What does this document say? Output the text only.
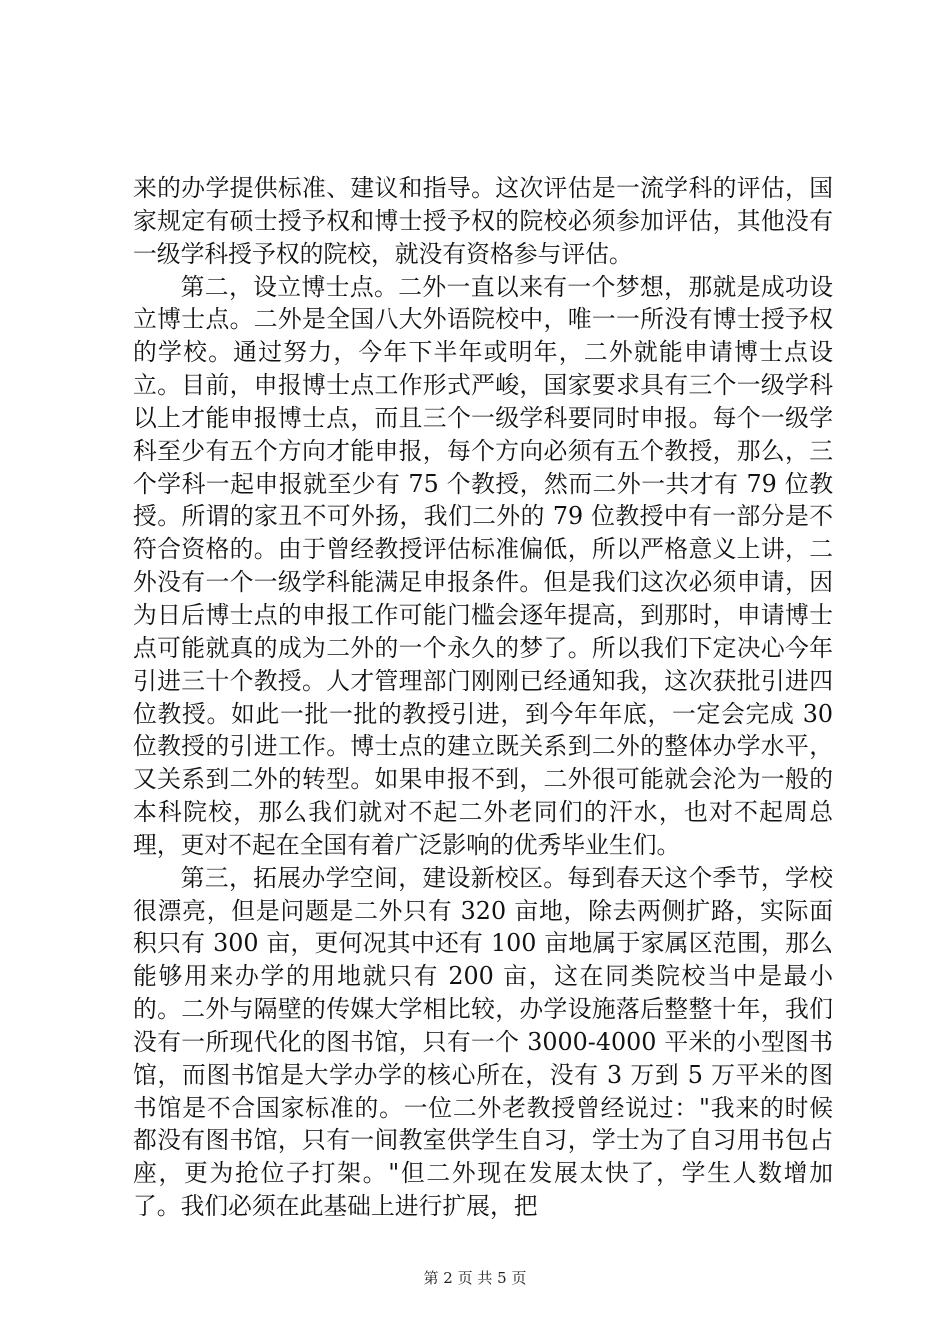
来的办学提供标准、建议和指导。这次评估是一流学科的评估，国家规定有硕士授予权和博士授予权的院校必须参加评估，其他没有一级学科授予权的院校，就没有资格参与评估。

第二，设立博士点。二外一直以来有一个梦想，那就是成功设立博士点。二外是全国八大外语院校中，唯一一所没有博士授予权的学校。通过努力，今年下半年或明年，二外就能申请博士点设立。目前，申报博士点工作形式严峻，国家要求具有三个一级学科以上才能申报博士点，而且三个一级学科要同时申报。每个一级学科至少有五个方向才能申报，每个方向必须有五个教授，那么，三个学科一起申报就至少有 75 个教授，然而二外一共才有 79 位教授。所谓的家丑不可外扬，我们二外的 79 位教授中有一部分是不符合资格的。由于曾经教授评估标准偏低，所以严格意义上讲，二外没有一个一级学科能满足申报条件。但是我们这次必须申请，因为日后博士点的申报工作可能门槛会逐年提高，到那时，申请博士点可能就真的成为二外的一个永久的梦了。所以我们下定决心今年引进三十个教授。人才管理部门刚刚已经通知我，这次获批引进四位教授。如此一批一批的教授引进，到今年年底，一定会完成 30 位教授的引进工作。博士点的建立既关系到二外的整体办学水平，又关系到二外的转型。如果申报不到，二外很可能就会沦为一般的本科院校，那么我们就对不起二外老同们的汗水，也对不起周总理，更对不起在全国有着广泛影响的优秀毕业生们。

第三，拓展办学空间，建设新校区。每到春天这个季节，学校很漂亮，但是问题是二外只有 320 亩地，除去两侧扩路，实际面积只有 300 亩，更何况其中还有 100 亩地属于家属区范围，那么能够用来办学的用地就只有 200 亩，这在同类院校当中是最小的。二外与隔壁的传媒大学相比较，办学设施落后整整十年，我们没有一所现代化的图书馆，只有一个 3000-4000 平米的小型图书馆，而图书馆是大学办学的核心所在，没有 3 万到 5 万平米的图书馆是不合国家标准的。一位二外老教授曾经说过："我来的时候都没有图书馆，只有一间教室供学生自习，学士为了自习用书包占座，更为抢位子打架。"但二外现在发展太快了，学生人数增加了。我们必须在此基础上进行扩展，把

第 2 页 共 5 页
